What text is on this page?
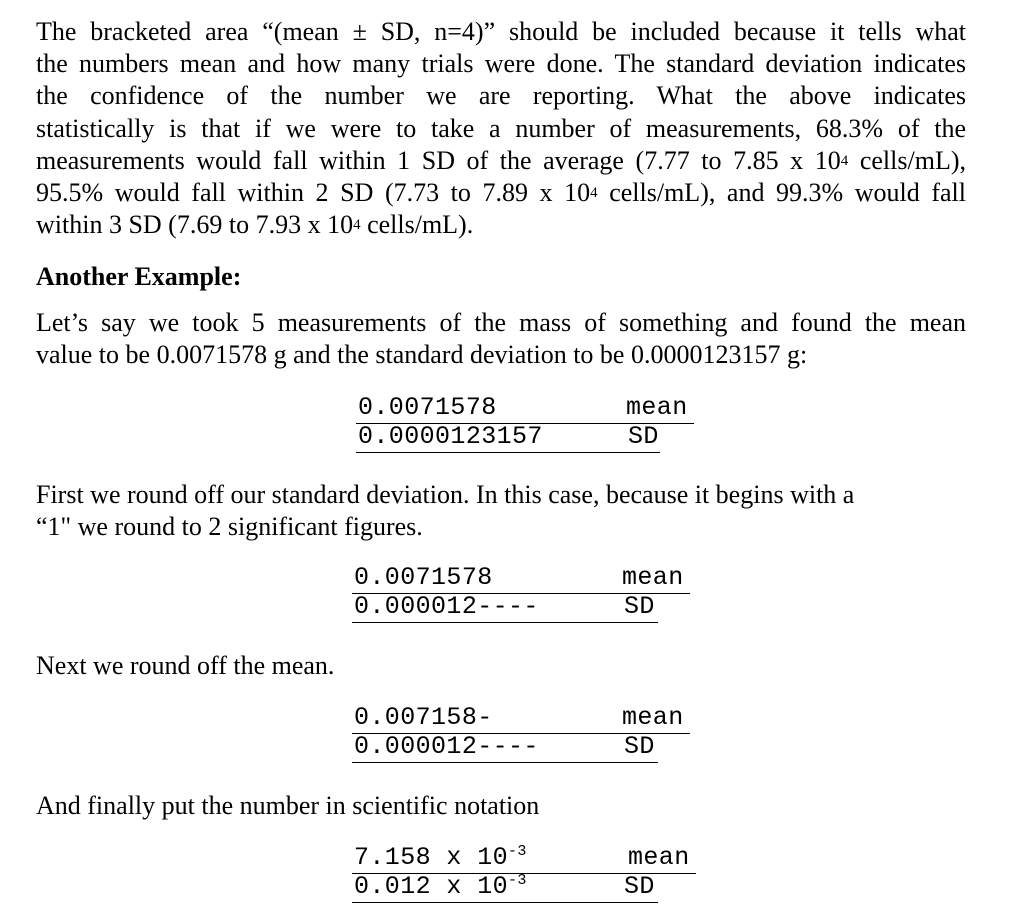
The bracketed area “(mean ± SD, n=4)” should be included because it tells what
the numbers mean and how many trials were done. The standard deviation indicates
the confidence of the number we are reporting. What the above indicates
statistically is that if we were to take a number of measurements, 68.3% of the
measurements would fall within 1 SD of the average (7.77 to 7.85 x $10^4$ cells/mL),
95.5% would fall within 2 SD (7.73 to 7.89 x $10^4$ cells/mL), and 99.3% would fall
within 3 SD (7.69 to 7.93 x $10^4$ cells/mL).

Another Example:

Let’s say we took 5 measurements of the mass of something and found the mean
value to be 0.0071578 g and the standard deviation to be 0.0000123157 g:

0.0071578	mean
0.0000123157	SD

First we round off our standard deviation. In this case, because it begins with a
“1" we round to 2 significant figures.

0.0071578	mean
0.000012----	SD
Next we round off the mean.
0.007158-	mean
0.000012----	SD
And finally put the number in scientific notation
7.158 x $10^{-3}$	mean
0.012 x $10^{-3}$	SD
